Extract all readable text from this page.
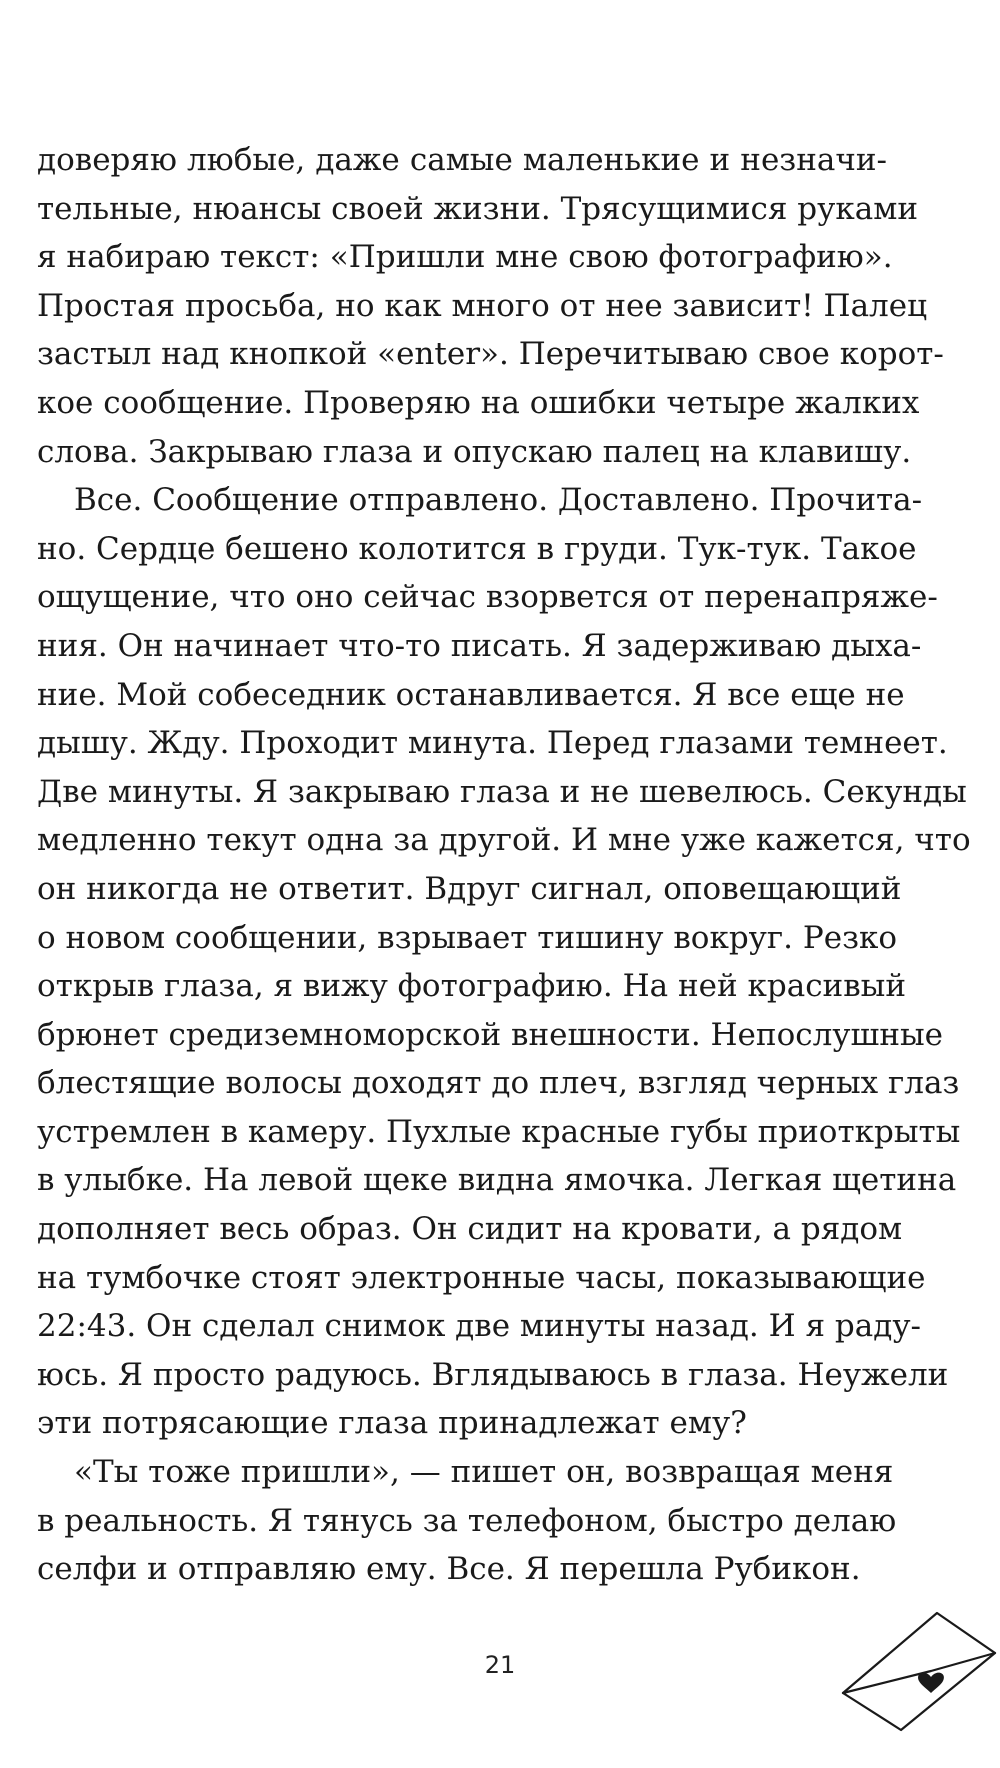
доверяю любые, даже самые маленькие и незначи-
тельные, нюансы своей жизни. Трясущимися руками
я набираю текст: «Пришли мне свою фотографию».
Простая просьба, но как много от нее зависит! Палец
застыл над кнопкой «enter». Перечитываю свое корот-
кое сообщение. Проверяю на ошибки четыре жалких
слова. Закрываю глаза и опускаю палец на клавишу.
Все. Сообщение отправлено. Доставлено. Прочита-
но. Сердце бешено колотится в груди. Тук-тук. Такое
ощущение, что оно сейчас взорвется от перенапряже-
ния. Он начинает что-то писать. Я задерживаю дыха-
ние. Мой собеседник останавливается. Я все еще не
дышу. Жду. Проходит минута. Перед глазами темнеет.
Две минуты. Я закрываю глаза и не шевелюсь. Секунды
медленно текут одна за другой. И мне уже кажется, что
он никогда не ответит. Вдруг сигнал, оповещающий
о новом сообщении, взрывает тишину вокруг. Резко
открыв глаза, я вижу фотографию. На ней красивый
брюнет средиземноморской внешности. Непослушные
блестящие волосы доходят до плеч, взгляд черных глаз
устремлен в камеру. Пухлые красные губы приоткрыты
в улыбке. На левой щеке видна ямочка. Легкая щетина
дополняет весь образ. Он сидит на кровати, а рядом
на тумбочке стоят электронные часы, показывающие
22:43. Он сделал снимок две минуты назад. И я раду-
юсь. Я просто радуюсь. Вглядываюсь в глаза. Неужели
эти потрясающие глаза принадлежат ему?
«Ты тоже пришли», — пишет он, возвращая меня
в реальность. Я тянусь за телефоном, быстро делаю
селфи и отправляю ему. Все. Я перешла Рубикон.
21
